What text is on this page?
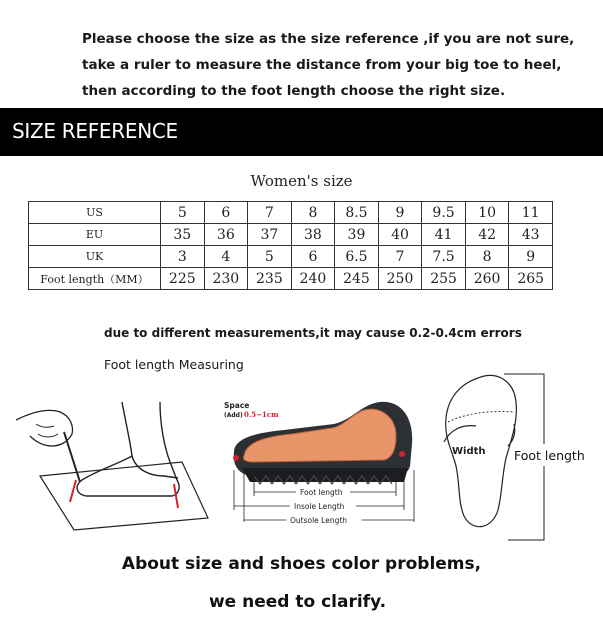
Please choose the size as the size reference ,if you are not sure,
take a ruler to measure the distance from your big toe to heel,
then according to the foot length choose the right size.
SIZE REFERENCE
Women's size
US	5	6	7	8	8.5	9	9.5	10	11
EU	35	36	37	38	39	40	41	42	43
UK	3	4	5	6	6.5	7	7.5	8	9
Foot length（MM）	225	230	235	240	245	250	255	260	265
due to different measurements,it may cause 0.2-0.4cm errors
Foot length Measuring
Space
(Add) 0.5~1cm
Foot length
Insole Length
Outsole Length
Width Foot length
About size and shoes color problems,
we need to clarify.
